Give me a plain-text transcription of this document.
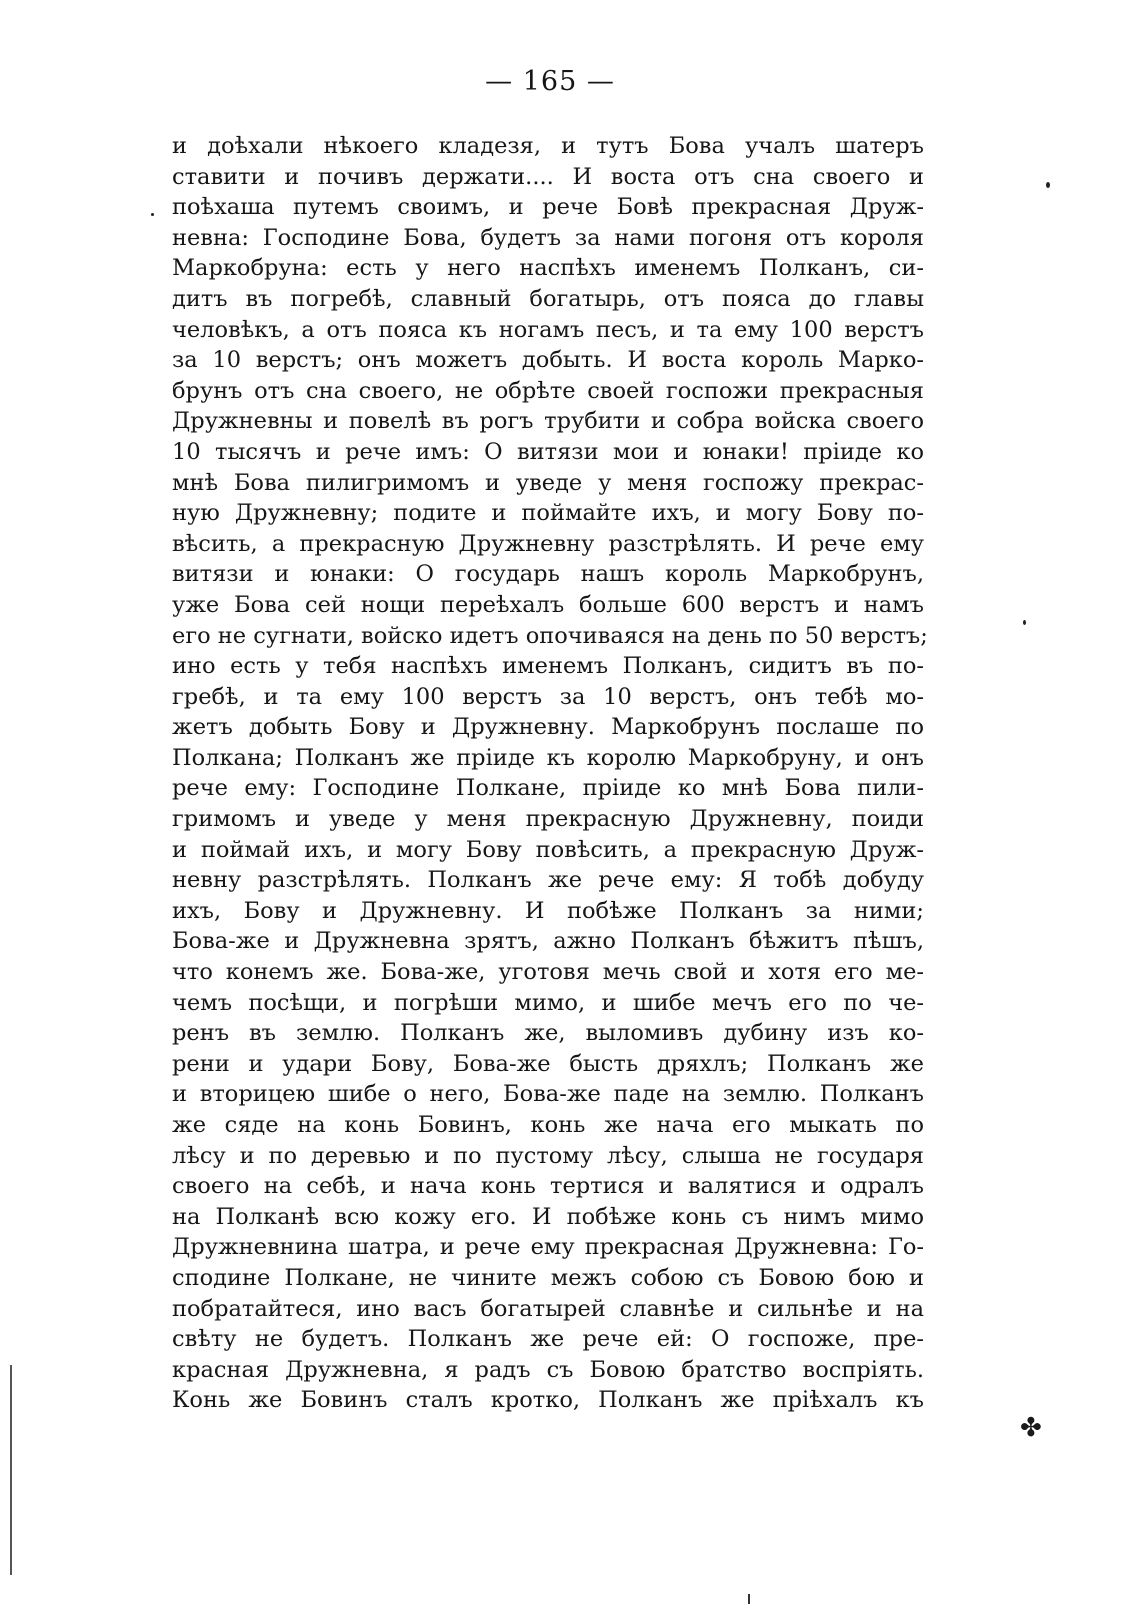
— 165 —
и доѣхали нѣкоего кладезя, и тутъ Бова учалъ шатеръ
ставити и почивъ держати.... И воста отъ сна своего и
поѣхаша путемъ своимъ, и рече Бовѣ прекрасная Друж-
невна: Господине Бова, будетъ за нами погоня отъ короля
Маркобруна: есть у него наспѣхъ именемъ Полканъ, си-
дитъ въ погребѣ, славный богатырь, отъ пояса до главы
человѣкъ, а отъ пояса къ ногамъ песъ, и та ему 100 верстъ
за 10 верстъ; онъ можетъ добыть. И воста король Маркo-
брунъ отъ сна своего, не обрѣте своей госпожи прекрасныя
Дружневны и повелѣ въ рогъ трубити и собра войска своего
10 тысячъ и рече имъ: О витязи мои и юнаки! пріиде ко
мнѣ Бова пилигримомъ и уведе у меня госпожу прекрас-
ную Дружневну; подите и поймайте ихъ, и могу Бову по-
вѣсить, а прекрасную Дружневну разстрѣлять. И рече ему
витязи и юнаки: О государь нашъ король Маркобрунъ,
уже Бова сей нощи переѣхалъ больше 600 верстъ и намъ
его не сугнати, войско идетъ опочиваяся на день по 50 верстъ;
ино есть у тебя наспѣхъ именемъ Полканъ, сидитъ въ по-
гребѣ, и та ему 100 верстъ за 10 верстъ, онъ тебѣ мо-
жетъ добыть Бову и Дружневну. Маркобрунъ послаше по
Полкана; Полканъ же пріиде къ королю Маркобруну, и онъ
рече ему: Господине Полкане, пріиде ко мнѣ Бова пили-
гримомъ и уведе у меня прекрасную Дружневну, поиди
и поймай ихъ, и могу Бову повѣсить, а прекрасную Друж-
невну разстрѣлять. Полканъ же рече ему: Я тобѣ добуду
ихъ, Бову и Дружневну. И побѣже Полканъ за ними;
Бова-же и Дружневна зрятъ, ажно Полканъ бѣжитъ пѣшъ,
что конемъ же. Бова-же, уготовя мечь свой и хотя его ме-
чемъ посѣщи, и погрѣши мимо, и шибе мечъ его по че-
ренъ въ землю. Полканъ же, выломивъ дубину изъ ко-
рени и удари Бову, Бова-же бысть дряхлъ; Полканъ же
и вторицею шибе о него, Бова-же паде на землю. Полканъ
же сяде на конь Бовинъ, конь же нача его мыкать по
лѣсу и по деревью и по пустому лѣсу, слыша не государя
своего на себѣ, и нача конь тертися и валятися и одралъ
на Полканѣ всю кожу его. И побѣже конь съ нимъ мимо
Дружневнина шатра, и рече ему прекрасная Дружневна: Го-
сподине Полкане, не чините межъ собою съ Бовою бою и
побратайтеся, ино васъ богатырей славнѣе и сильнѣе и на
свѣту не будетъ. Полканъ же рече ей: О госпоже, пре-
красная Дружневна, я радъ съ Бовою братство воспріять.
Конь же Бовинъ сталъ кротко, Полканъ же пріѣхалъ къ
✤
